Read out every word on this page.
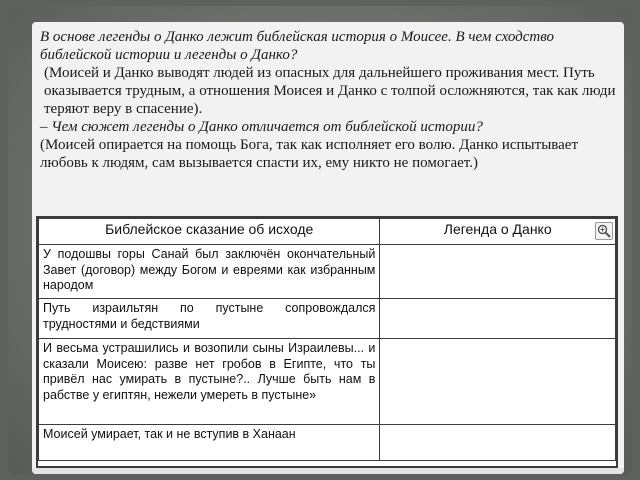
В основе легенды о Данко лежит библейская история о Моисее. В чем сходство библейской истории и легенды о Данко?
(Моисей и Данко выводят людей из опасных для дальнейшего проживания мест. Путь оказывается трудным, а отношения Моисея и Данко с толпой осложняются, так как люди теряют веру в спасение).
– Чем сюжет легенды о Данко отличается от библейской истории?
(Моисей опирается на помощь Бога, так как исполняет его волю. Данко испытывает любовь к людям, сам вызывается спасти их, ему никто не помогает.)
Библейское сказание об исходе	Легенда о Данко

У подошвы горы Санай был заключён окончательный Завет (договор) между Богом и евреями как избранным народом	
Путь израильтян по пустыне сопровождался трудностями и бедствиями	
И весьма устрашились и возопили сыны Израилевы... и сказали Моисею: разве нет гробов в Египте, что ты привёл нас умирать в пустыне?.. Лучше быть нам в рабстве у египтян, нежели умереть в пустыне»	
Моисей умирает, так и не вступив в Ханаан	
